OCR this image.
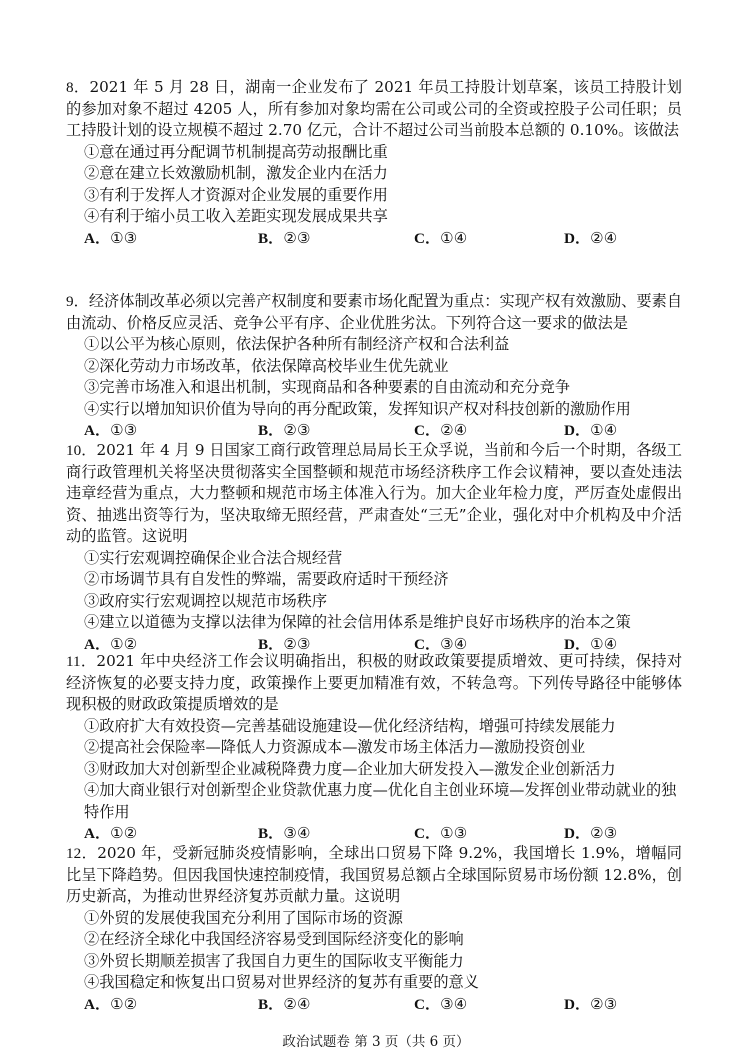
8．2021 年 5 月 28 日，湖南一企业发布了 2021 年员工持股计划草案，该员工持股计划的参加对象不超过 4205 人，所有参加对象均需在公司或公司的全资或控股子公司任职；员工持股计划的设立规模不超过 2.70 亿元，合计不超过公司当前股本总额的 0.10%。该做法
①意在通过再分配调节机制提高劳动报酬比重
②意在建立长效激励机制，激发企业内在活力
③有利于发挥人才资源对企业发展的重要作用
④有利于缩小员工收入差距实现发展成果共享
A．①③	B．②③	C．①④	D．②④
9．经济体制改革必须以完善产权制度和要素市场化配置为重点：实现产权有效激励、要素自由流动、价格反应灵活、竞争公平有序、企业优胜劣汰。下列符合这一要求的做法是
①以公平为核心原则，依法保护各种所有制经济产权和合法利益
②深化劳动力市场改革，依法保障高校毕业生优先就业
③完善市场准入和退出机制，实现商品和各种要素的自由流动和充分竞争
④实行以增加知识价值为导向的再分配政策，发挥知识产权对科技创新的激励作用
A．①③	B．②③	C．②④	D．①④
10．2021 年 4 月 9 日国家工商行政管理总局局长王众孚说，当前和今后一个时期，各级工商行政管理机关将坚决贯彻落实全国整顿和规范市场经济秩序工作会议精神，要以查处违法违章经营为重点，大力整顿和规范市场主体准入行为。加大企业年检力度，严厉查处虚假出资、抽逃出资等行为，坚决取缔无照经营，严肃查处“三无”企业，强化对中介机构及中介活动的监管。这说明
①实行宏观调控确保企业合法合规经营
②市场调节具有自发性的弊端，需要政府适时干预经济
③政府实行宏观调控以规范市场秩序
④建立以道德为支撑以法律为保障的社会信用体系是维护良好市场秩序的治本之策
A．①②	B．②③	C．③④	D．①④
11．2021 年中央经济工作会议明确指出，积极的财政政策要提质增效、更可持续，保持对经济恢复的必要支持力度，政策操作上要更加精准有效，不转急弯。下列传导路径中能够体现积极的财政政策提质增效的是
①政府扩大有效投资—完善基础设施建设—优化经济结构，增强可持续发展能力
②提高社会保险率—降低人力资源成本—激发市场主体活力—激励投资创业
③财政加大对创新型企业减税降费力度—企业加大研发投入—激发企业创新活力
④加大商业银行对创新型企业贷款优惠力度—优化自主创业环境—发挥创业带动就业的独特作用
A．①②	B．③④	C．①③	D．②③
12．2020 年，受新冠肺炎疫情影响，全球出口贸易下降 9.2%，我国增长 1.9%，增幅同比呈下降趋势。但因我国快速控制疫情，我国贸易总额占全球国际贸易市场份额 12.8%，创历史新高，为推动世界经济复苏贡献力量。这说明
①外贸的发展使我国充分利用了国际市场的资源
②在经济全球化中我国经济容易受到国际经济变化的影响
③外贸长期顺差损害了我国自力更生的国际收支平衡能力
④我国稳定和恢复出口贸易对世界经济的复苏有重要的意义
A．①②	B．②④	C．③④	D．②③
政治试题卷 第 3 页（共 6 页）
